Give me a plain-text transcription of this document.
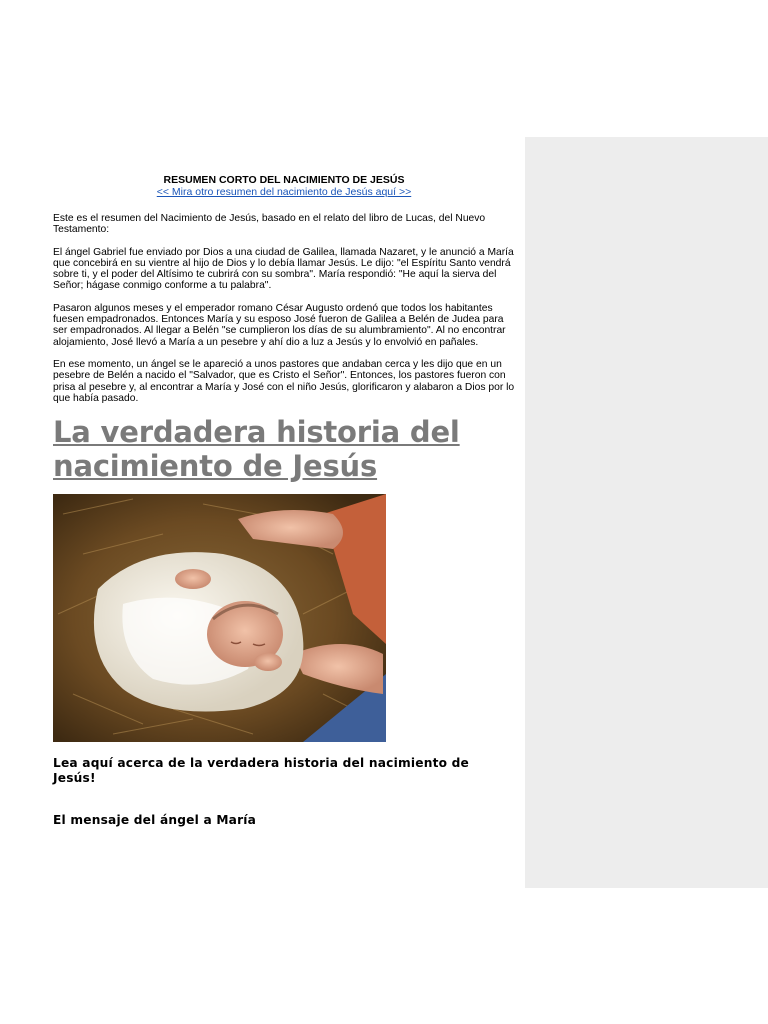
RESUMEN CORTO DEL NACIMIENTO DE JESÚS

<< Mira otro resumen del nacimiento de Jesús aquí >>

Este es el resumen del Nacimiento de Jesús, basado en el relato del libro de Lucas, del Nuevo Testamento:

El ángel Gabriel fue enviado por Dios a una ciudad de Galilea, llamada Nazaret, y le anunció a María que concebirá en su vientre al hijo de Dios y lo debía llamar Jesús. Le dijo: "el Espíritu Santo vendrá sobre ti, y el poder del Altísimo te cubrirá con su sombra". María respondió: "He aquí la sierva del Señor; hágase conmigo conforme a tu palabra".

Pasaron algunos meses y el emperador romano César Augusto ordenó que todos los habitantes fuesen empadronados. Entonces María y su esposo José fueron de Galilea a Belén de Judea para ser empadronados. Al llegar a Belén "se cumplieron los días de su alumbramiento". Al no encontrar alojamiento, José llevó a María a un pesebre y ahí dio a luz a Jesús y lo envolvió en pañales.

En ese momento, un ángel se le apareció a unos pastores que andaban cerca y les dijo que en un pesebre de Belén a nacido el "Salvador, que es Cristo el Señor". Entonces, los pastores fueron con prisa al pesebre y, al encontrar a María y José con el niño Jesús, glorificaron y alabaron a Dios por lo que había pasado.

La verdadera historia del nacimiento de Jesús

Lea aquí acerca de la verdadera historia del nacimiento de Jesús!

El mensaje del ángel a María
